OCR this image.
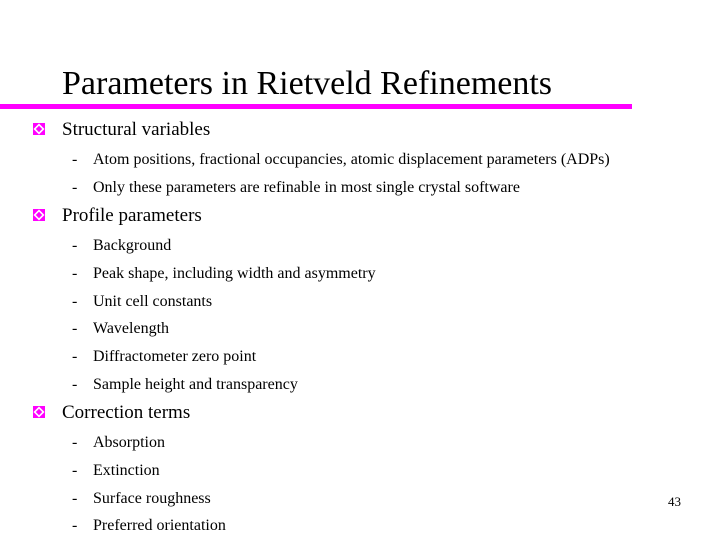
Parameters in Rietveld Refinements
Structural variables
- Atom positions, fractional occupancies, atomic displacement parameters (ADPs)
- Only these parameters are refinable in most single crystal software
Profile parameters
- Background
- Peak shape, including width and asymmetry
- Unit cell constants
- Wavelength
- Diffractometer zero point
- Sample height and transparency
Correction terms
- Absorption
- Extinction
- Surface roughness
- Preferred orientation
43
